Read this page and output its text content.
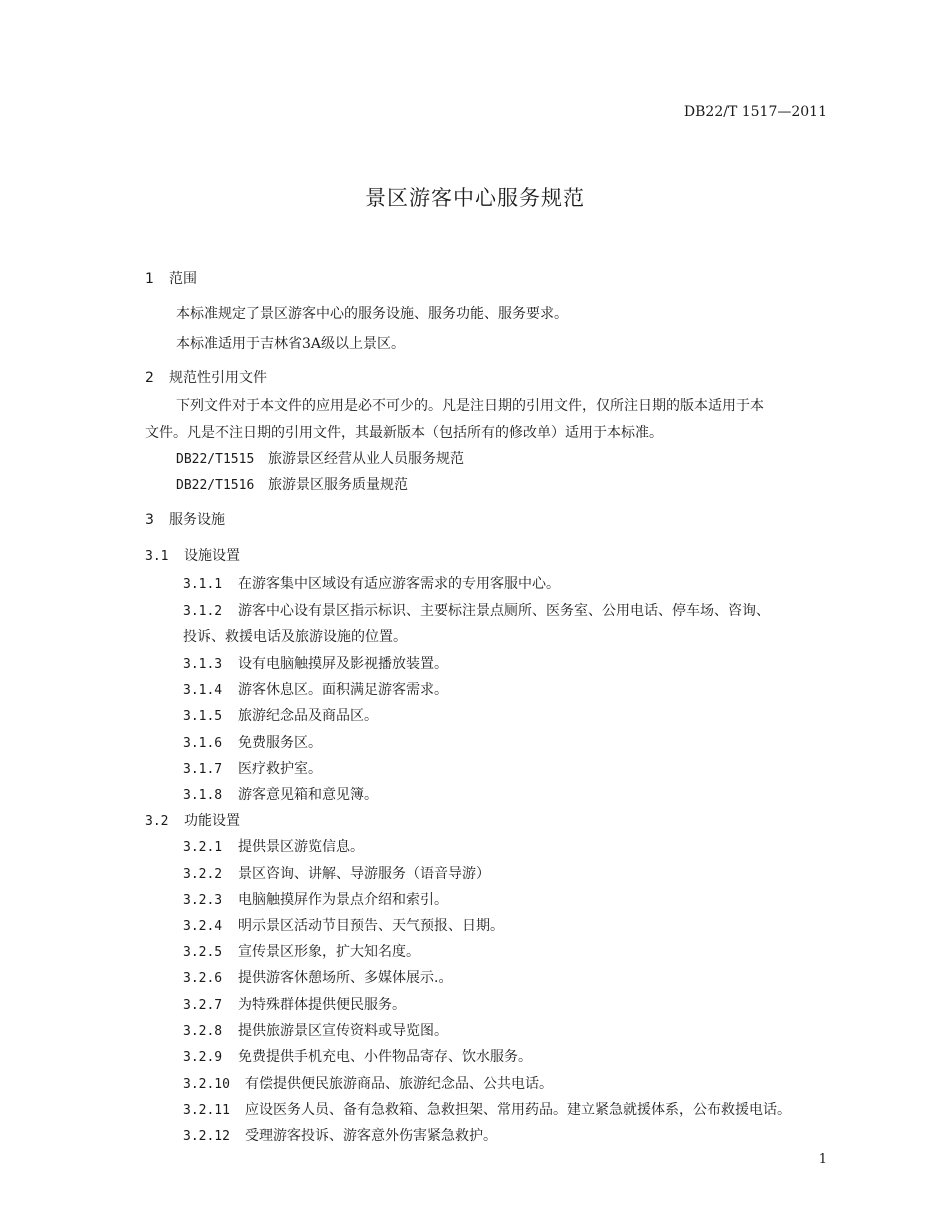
DB22/T 1517—2011
景区游客中心服务规范
1 范围
本标准规定了景区游客中心的服务设施、服务功能、服务要求。
本标准适用于吉林省3A级以上景区。
2 规范性引用文件
下列文件对于本文件的应用是必不可少的。凡是注日期的引用文件，仅所注日期的版本适用于本
文件。凡是不注日期的引用文件，其最新版本（包括所有的修改单）适用于本标准。
DB22/T1515 旅游景区经营从业人员服务规范
DB22/T1516 旅游景区服务质量规范
3 服务设施
3.1 设施设置
3.1.1 在游客集中区域设有适应游客需求的专用客服中心。
3.1.2 游客中心设有景区指示标识、主要标注景点厕所、医务室、公用电话、停车场、咨询、
投诉、救援电话及旅游设施的位置。
3.1.3 设有电脑触摸屏及影视播放装置。
3.1.4 游客休息区。面积满足游客需求。
3.1.5 旅游纪念品及商品区。
3.1.6 免费服务区。
3.1.7 医疗救护室。
3.1.8 游客意见箱和意见簿。
3.2 功能设置
3.2.1 提供景区游览信息。
3.2.2 景区咨询、讲解、导游服务（语音导游）
3.2.3 电脑触摸屏作为景点介绍和索引。
3.2.4 明示景区活动节目预告、天气预报、日期。
3.2.5 宣传景区形象，扩大知名度。
3.2.6 提供游客休憩场所、多媒体展示.。
3.2.7 为特殊群体提供便民服务。
3.2.8 提供旅游景区宣传资料或导览图。
3.2.9 免费提供手机充电、小件物品寄存、饮水服务。
3.2.10 有偿提供便民旅游商品、旅游纪念品、公共电话。
3.2.11 应设医务人员、备有急救箱、急救担架、常用药品。建立紧急就援体系，公布救援电话。
3.2.12 受理游客投诉、游客意外伤害紧急救护。
1
